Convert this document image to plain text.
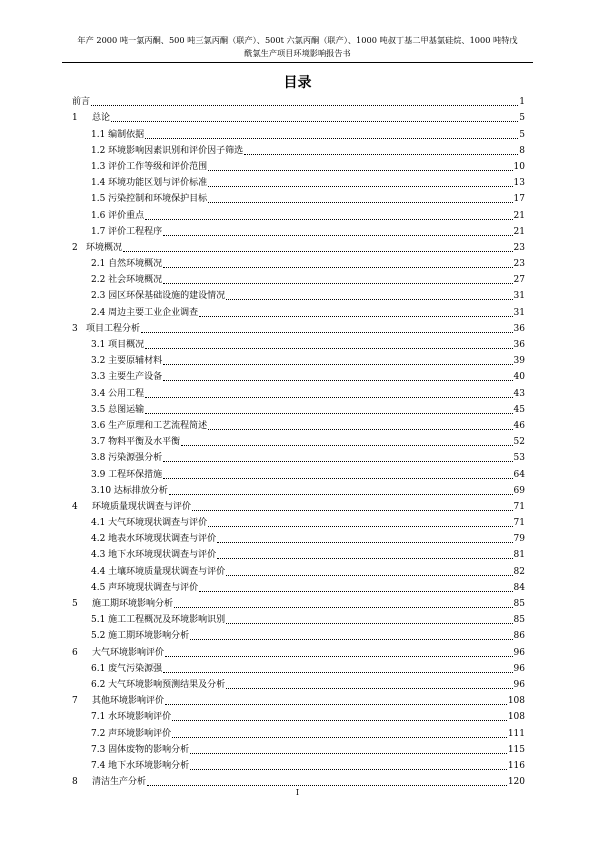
年产 2000 吨一氯丙酮、500 吨三氯丙酮（联产）、500t 六氯丙酮（联产）、1000 吨叔丁基二甲基氯硅烷、1000 吨特戊
酰氯生产项目环境影响报告书
目录
前言	1
1	总论	5
1.1 编制依据	5
1.2 环境影响因素识别和评价因子筛选	8
1.3 评价工作等级和评价范围	10
1.4 环境功能区划与评价标准	13
1.5 污染控制和环境保护目标	17
1.6 评价重点	21
1.7 评价工程程序	21
2 环境概况	23
2.1 自然环境概况	23
2.2 社会环境概况	27
2.3 园区环保基础设施的建设情况	31
2.4 周边主要工业企业调查	31
3 项目工程分析	36
3.1 项目概况	36
3.2 主要原辅材料	39
3.3 主要生产设备	40
3.4 公用工程	43
3.5 总图运输	45
3.6 生产原理和工艺流程简述	46
3.7 物料平衡及水平衡	52
3.8 污染源强分析	53
3.9 工程环保措施	64
3.10 达标排放分析	69
4	环境质量现状调查与评价	71
4.1 大气环境现状调查与评价	71
4.2 地表水环境现状调查与评价	79
4.3 地下水环境现状调查与评价	81
4.4 土壤环境质量现状调查与评价	82
4.5 声环境现状调查与评价	84
5	施工期环境影响分析	85
5.1 施工工程概况及环境影响识别	85
5.2 施工期环境影响分析	86
6	大气环境影响评价	96
6.1 废气污染源强	96
6.2 大气环境影响预测结果及分析	96
7	其他环境影响评价	108
7.1 水环境影响评价	108
7.2 声环境影响评价	111
7.3 固体废物的影响分析	115
7.4 地下水环境影响分析	116
8	清洁生产分析	120
I
